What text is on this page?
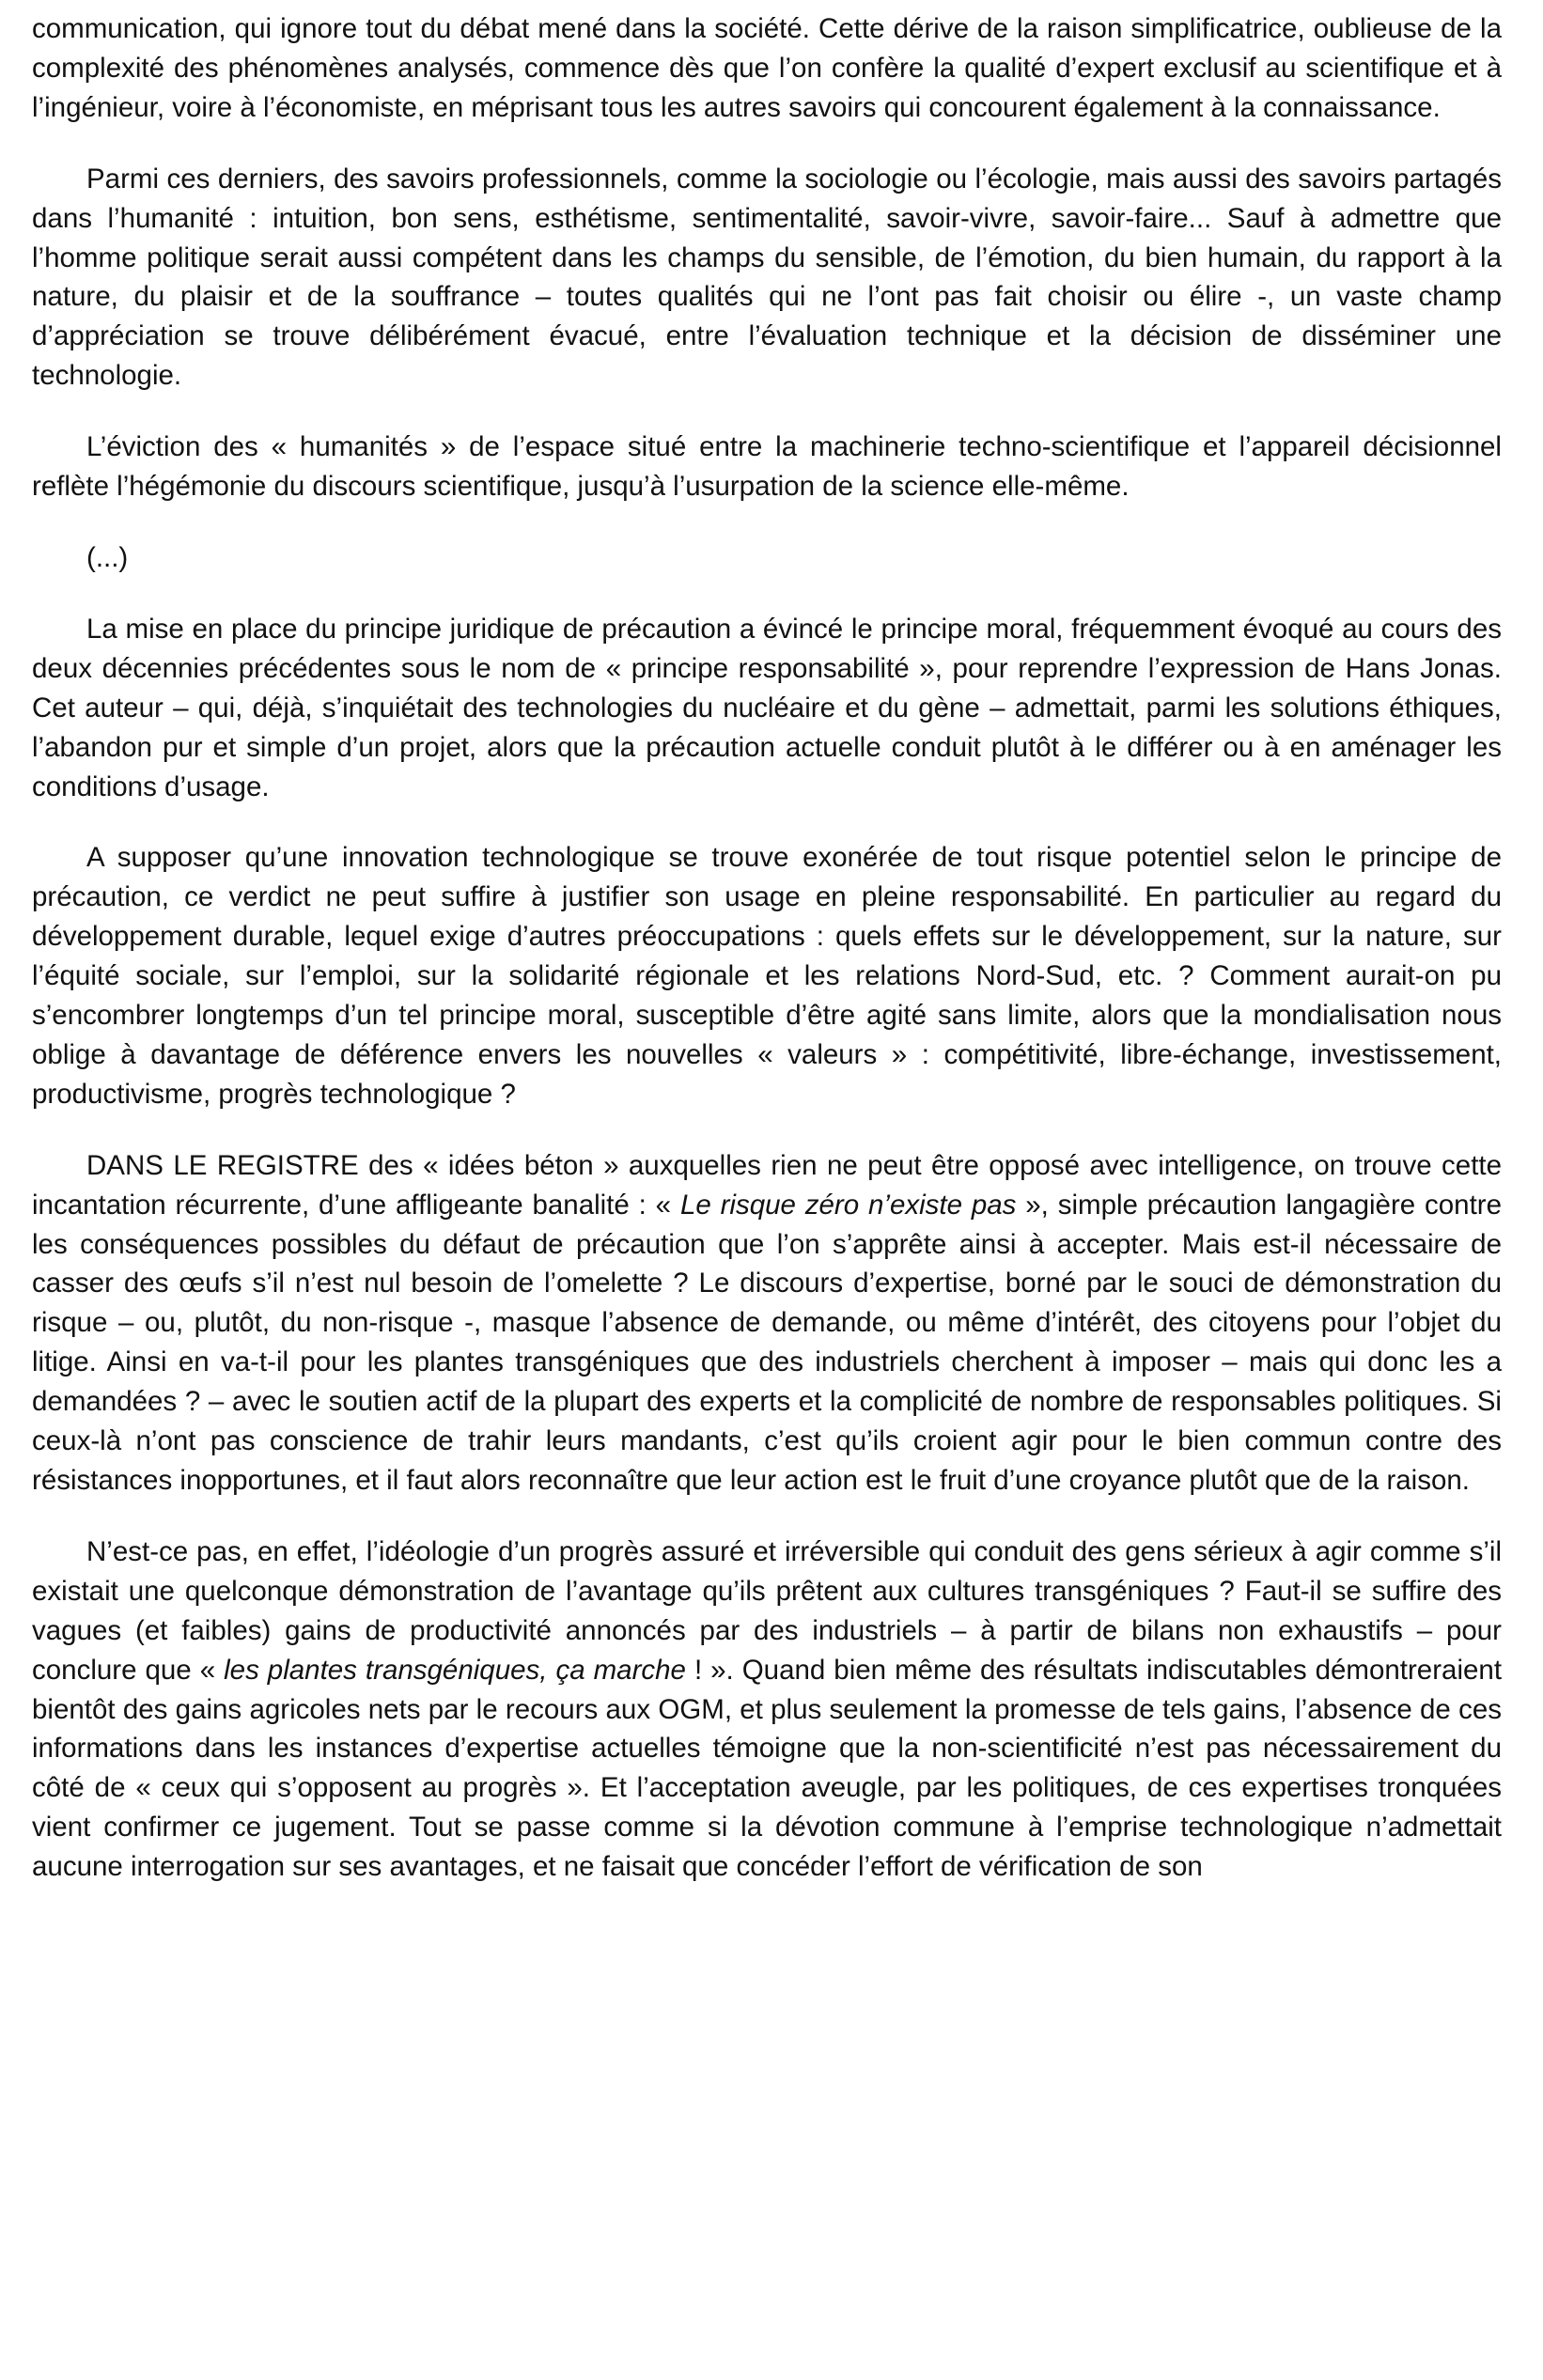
communication, qui ignore tout du débat mené dans la société. Cette dérive de la raison simplificatrice, oublieuse de la complexité des phénomènes analysés, commence dès que l’on confère la qualité d’expert exclusif au scientifique et à l’ingénieur, voire à l’économiste, en méprisant tous les autres savoirs qui concourent également à la connaissance.

Parmi ces derniers, des savoirs professionnels, comme la sociologie ou l’écologie, mais aussi des savoirs partagés dans l’humanité : intuition, bon sens, esthétisme, sentimentalité, savoir-vivre, savoir-faire... Sauf à admettre que l’homme politique serait aussi compétent dans les champs du sensible, de l’émotion, du bien humain, du rapport à la nature, du plaisir et de la souffrance – toutes qualités qui ne l’ont pas fait choisir ou élire -, un vaste champ d’appréciation se trouve délibérément évacué, entre l’évaluation technique et la décision de disséminer une technologie.

L’éviction des « humanités » de l’espace situé entre la machinerie techno-scientifique et l’appareil décisionnel reflète l’hégémonie du discours scientifique, jusqu’à l’usurpation de la science elle-même.

(...)

La mise en place du principe juridique de précaution a évincé le principe moral, fréquemment évoqué au cours des deux décennies précédentes sous le nom de « principe responsabilité », pour reprendre l’expression de Hans Jonas. Cet auteur – qui, déjà, s’inquiétait des technologies du nucléaire et du gène – admettait, parmi les solutions éthiques, l’abandon pur et simple d’un projet, alors que la précaution actuelle conduit plutôt à le différer ou à en aménager les conditions d’usage.

A supposer qu’une innovation technologique se trouve exonérée de tout risque potentiel selon le principe de précaution, ce verdict ne peut suffire à justifier son usage en pleine responsabilité. En particulier au regard du développement durable, lequel exige d’autres préoccupations : quels effets sur le développement, sur la nature, sur l’équité sociale, sur l’emploi, sur la solidarité régionale et les relations Nord-Sud, etc. ? Comment aurait-on pu s’encombrer longtemps d’un tel principe moral, susceptible d’être agité sans limite, alors que la mondialisation nous oblige à davantage de déférence envers les nouvelles « valeurs » : compétitivité, libre-échange, investissement, productivisme, progrès technologique ?

DANS LE REGISTRE des « idées béton » auxquelles rien ne peut être opposé avec intelligence, on trouve cette incantation récurrente, d’une affligeante banalité : « Le risque zéro n’existe pas », simple précaution langagière contre les conséquences possibles du défaut de précaution que l’on s’apprête ainsi à accepter. Mais est-il nécessaire de casser des œufs s’il n’est nul besoin de l’omelette ? Le discours d’expertise, borné par le souci de démonstration du risque – ou, plutôt, du non-risque -, masque l’absence de demande, ou même d’intérêt, des citoyens pour l’objet du litige. Ainsi en va-t-il pour les plantes transgéniques que des industriels cherchent à imposer – mais qui donc les a demandées ? – avec le soutien actif de la plupart des experts et la complicité de nombre de responsables politiques. Si ceux-là n’ont pas conscience de trahir leurs mandants, c’est qu’ils croient agir pour le bien commun contre des résistances inopportunes, et il faut alors reconnaître que leur action est le fruit d’une croyance plutôt que de la raison.

N’est-ce pas, en effet, l’idéologie d’un progrès assuré et irréversible qui conduit des gens sérieux à agir comme s’il existait une quelconque démonstration de l’avantage qu’ils prêtent aux cultures transgéniques ? Faut-il se suffire des vagues (et faibles) gains de productivité annoncés par des industriels – à partir de bilans non exhaustifs – pour conclure que « les plantes transgéniques, ça marche ! ». Quand bien même des résultats indiscutables démontreraient bientôt des gains agricoles nets par le recours aux OGM, et plus seulement la promesse de tels gains, l’absence de ces informations dans les instances d’expertise actuelles témoigne que la non-scientificité n’est pas nécessairement du côté de « ceux qui s’opposent au progrès ». Et l’acceptation aveugle, par les politiques, de ces expertises tronquées vient confirmer ce jugement. Tout se passe comme si la dévotion commune à l’emprise technologique n’admettait aucune interrogation sur ses avantages, et ne faisait que concéder l’effort de vérification de son
